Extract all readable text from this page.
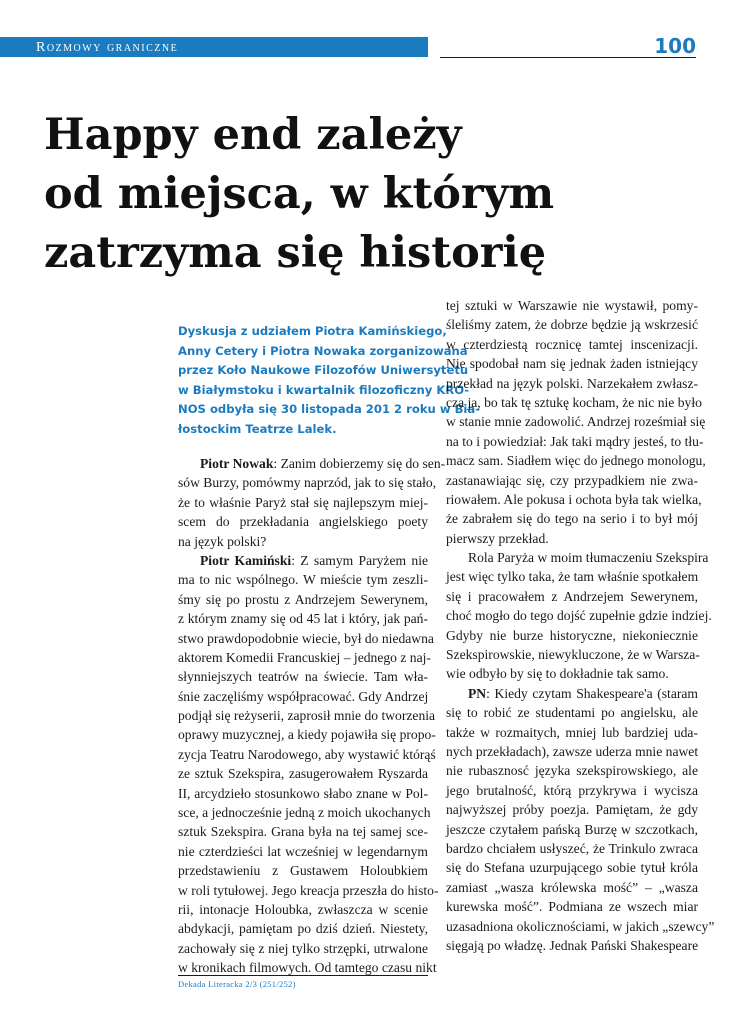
Rozmowy graniczne	100
Happy end zależy
od miejsca, w którym
zatrzyma się historię
Dyskusja z udziałem Piotra Kamińskiego,
Anny Cetery i Piotra Nowaka zorganizowana
przez Koło Naukowe Filozofów Uniwersytetu
w Białymstoku i kwartalnik filozoficzny KRO-
NOS odbyła się 30 listopada 201 2 roku w Bia-
łostockim Teatrze Lalek.
Piotr Nowak: Zanim dobierzemy się do sen-
sów Burzy, pomówmy naprzód, jak to się stało,
że to właśnie Paryż stał się najlepszym miej-
scem do przekładania angielskiego poety
na język polski?
Piotr Kamiński: Z samym Paryżem nie
ma to nic wspólnego. W mieście tym zeszli-
śmy się po prostu z Andrzejem Sewerynem,
z którym znamy się od 45 lat i który, jak pań-
stwo prawdopodobnie wiecie, był do niedawna
aktorem Komedii Francuskiej – jednego z naj-
słynniejszych teatrów na świecie. Tam wła-
śnie zaczęliśmy współpracować. Gdy Andrzej
podjął się reżyserii, zaprosił mnie do tworzenia
oprawy muzycznej, a kiedy pojawiła się propo-
zycja Teatru Narodowego, aby wystawić którąś
ze sztuk Szekspira, zasugerowałem Ryszarda
II, arcydzieło stosunkowo słabo znane w Pol-
sce, a jednocześnie jedną z moich ukochanych
sztuk Szekspira. Grana była na tej samej sce-
nie czterdzieści lat wcześniej w legendarnym
przedstawieniu z Gustawem Holoubkiem
w roli tytułowej. Jego kreacja przeszła do histo-
rii, intonacje Holoubka, zwłaszcza w scenie
abdykacji, pamiętam po dziś dzień. Niestety,
zachowały się z niej tylko strzępki, utrwalone
w kronikach filmowych. Od tamtego czasu nikt
tej sztuki w Warszawie nie wystawił, pomy-
śleliśmy zatem, że dobrze będzie ją wskrzesić
w czterdziestą rocznicę tamtej inscenizacji.
Nie spodobał nam się jednak żaden istniejący
przekład na język polski. Narzekałem zwłasz-
cza ja, bo tak tę sztukę kocham, że nic nie było
w stanie mnie zadowolić. Andrzej roześmiał się
na to i powiedział: Jak taki mądry jesteś, to tłu-
macz sam. Siadłem więc do jednego monologu,
zastanawiając się, czy przypadkiem nie zwa-
riowałem. Ale pokusa i ochota była tak wielka,
że zabrałem się do tego na serio i to był mój
pierwszy przekład.
Rola Paryża w moim tłumaczeniu Szekspira
jest więc tylko taka, że tam właśnie spotkałem
się i pracowałem z Andrzejem Sewerynem,
choć mogło do tego dojść zupełnie gdzie indziej.
Gdyby nie burze historyczne, niekoniecznie
Szekspirowskie, niewykluczone, że w Warsza-
wie odbyło by się to dokładnie tak samo.
PN: Kiedy czytam Shakespeare'a (staram
się to robić ze studentami po angielsku, ale
także w rozmaitych, mniej lub bardziej uda-
nych przekładach), zawsze uderza mnie nawet
nie rubasznosć języka szekspirowskiego, ale
jego brutalność, którą przykrywa i wycisza
najwyższej próby poezja. Pamiętam, że gdy
jeszcze czytałem pańską Burzę w szczotkach,
bardzo chciałem usłyszeć, że Trinkulo zwraca
się do Stefana uzurpującego sobie tytuł króla
zamiast „wasza królewska mość” – „wasza
kurewska mość”. Podmiana ze wszech miar
uzasadniona okolicznościami, w jakich „szewcy”
sięgają po władzę. Jednak Pański Shakespeare
Dekada Literacka 2/3 (251/252)
